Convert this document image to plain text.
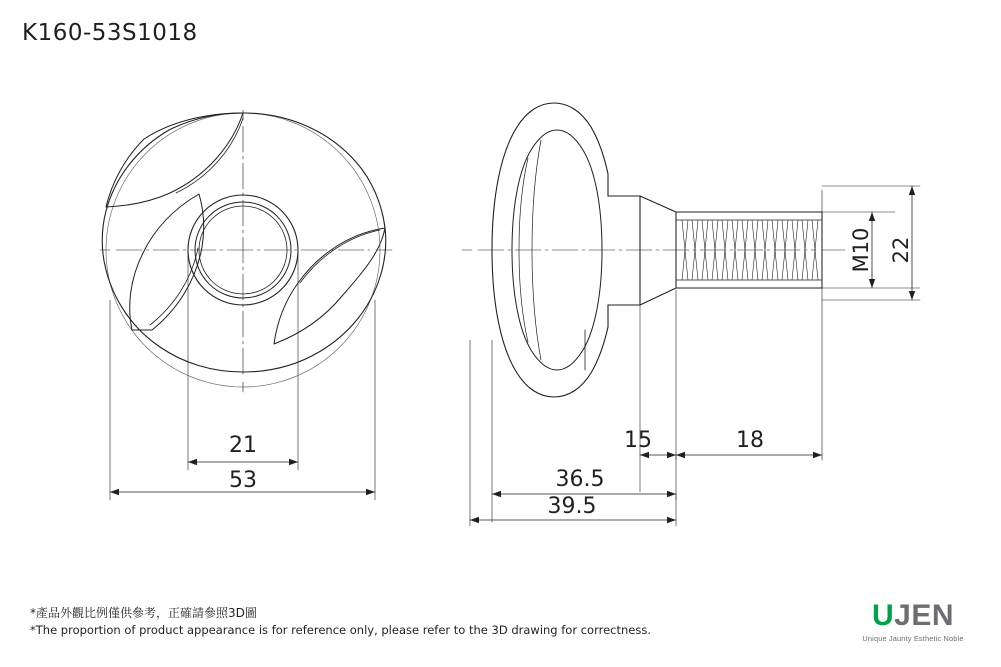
K160-53S1018
21
53
M10 22
15	18
36.5
39.5
*產品外觀比例僅供參考，正確請參照3D圖
*The proportion of product appearance is for reference only, please refer to the 3D drawing for correctness.	UJEN
Unique Jaunty Esthetic Noble
